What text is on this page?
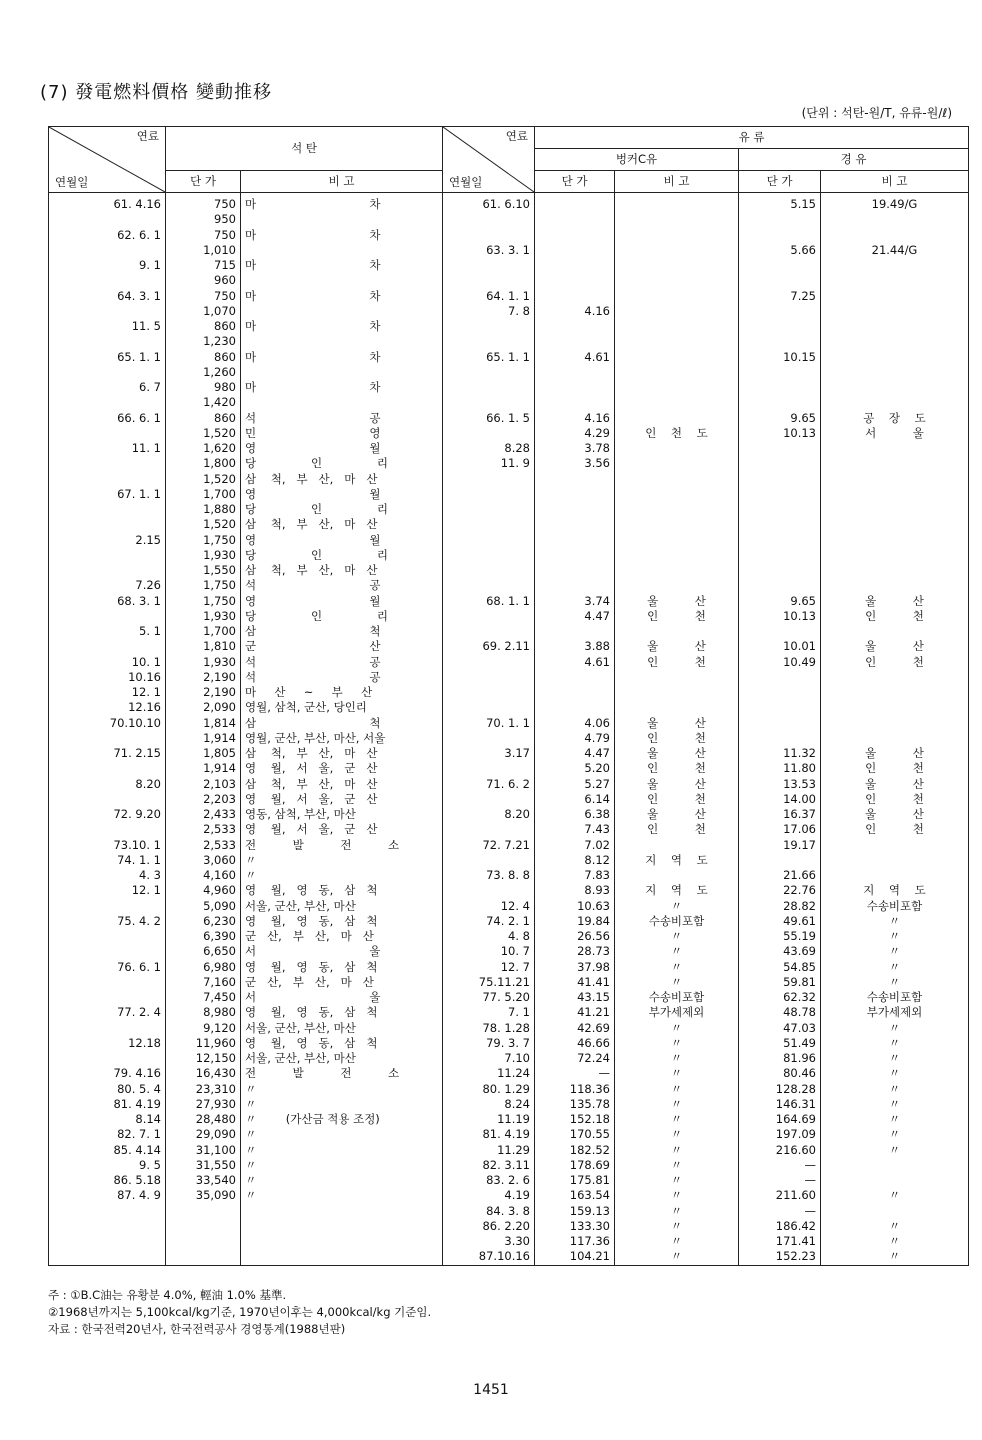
(7) 發電燃料價格 變動推移
(단위 : 석탄-원/T, 유류-원/ℓ)
연료
연월일	석 탄		연료
연월일	유 류			
				벙커C유		경 유	
	단 가	비 고		단 가	비 고	단 가	비 고
61. 4.16	750	마                               차	61. 6.10			5.15	19.49/G
	950						
62. 6. 1	750	마                               차					
	1,010		63. 3. 1			5.66	21.44/G
9. 1	715	마                               차					
	960						
64. 3. 1	750	마                               차	64. 1. 1			7.25	
	1,070		7. 8	4.16			
11. 5	860	마                               차					
	1,230						
65. 1. 1	860	마                               차	65. 1. 1	4.61		10.15	
	1,260						
6. 7	980	마                               차					
	1,420						
66. 6. 1	860	석                               공	66. 1. 5	4.16		9.65	공    장    도
	1,520	민                               영		4.29	인    천    도	10.13	서          울
11. 1	1,620	영                               월	8.28	3.78			
	1,800	당               인               리	11. 9	3.56			
	1,520	삼    척,   부   산,   마   산					
67. 1. 1	1,700	영                               월					
	1,880	당               인               리					
	1,520	삼    척,   부   산,   마   산					
2.15	1,750	영                               월					
	1,930	당               인               리					
	1,550	삼    척,   부   산,   마   산					
7.26	1,750	석                               공					
68. 3. 1	1,750	영                               월	68. 1. 1	3.74	울          산	9.65	울          산
	1,930	당               인               리		4.47	인          천	10.13	인          천
5. 1	1,700	삼                               척					
	1,810	군                               산	69. 2.11	3.88	울          산	10.01	울          산
10. 1	1,930	석                               공		4.61	인          천	10.49	인          천
10.16	2,190	석                               공					
12. 1	2,190	마     산     ~     부     산					
12.16	2,090	영월, 삼척, 군산, 당인리					
70.10.10	1,814	삼                               척	70. 1. 1	4.06	울          산		
	1,914	영월, 군산, 부산, 마산, 서울		4.79	인          천		
71. 2.15	1,805	삼    척,   부   산,   마   산	3.17	4.47	울          산	11.32	울          산
	1,914	영    월,   서   울,   군   산		5.20	인          천	11.80	인          천
8.20	2,103	삼    척,   부   산,   마   산	71. 6. 2	5.27	울          산	13.53	울          산
	2,203	영    월,   서   울,   군   산		6.14	인          천	14.00	인          천
72. 9.20	2,433	영동, 삼척, 부산, 마산	8.20	6.38	울          산	16.37	울          산
	2,533	영    월,   서   울,   군   산		7.43	인          천	17.06	인          천
73.10. 1	2,533	전          발          전          소	72. 7.21	7.02		19.17	
74. 1. 1	3,060	〃		8.12	지    역    도		
4. 3	4,160	〃	73. 8. 8	7.83		21.66	
12. 1	4,960	영    월,   영   동,   삼   척		8.93	지    역    도	22.76	지    역    도
	5,090	서울, 군산, 부산, 마산	12. 4	10.63	〃	28.82	수송비포함
75. 4. 2	6,230	영    월,   영   동,   삼   척	74. 2. 1	19.84	수송비포함	49.61	〃
	6,390	군   산,   부   산,   마   산	4. 8	26.56	〃	55.19	〃
	6,650	서                               울	10. 7	28.73	〃	43.69	〃
76. 6. 1	6,980	영    월,   영   동,   삼   척	12. 7	37.98	〃	54.85	〃
	7,160	군   산,   부   산,   마   산	75.11.21	41.41	〃	59.81	〃
	7,450	서                               울	77. 5.20	43.15	수송비포함	62.32	수송비포함
77. 2. 4	8,980	영    월,   영   동,   삼   척	7. 1	41.21	부가세제외	48.78	부가세제외
	9,120	서울, 군산, 부산, 마산	78. 1.28	42.69	〃	47.03	〃
12.18	11,960	영    월,   영   동,   삼   척	79. 3. 7	46.66	〃	51.49	〃
	12,150	서울, 군산, 부산, 마산	7.10	72.24	〃	81.96	〃
79. 4.16	16,430	전          발          전          소	11.24	—	〃	80.46	〃
80. 5. 4	23,310	〃	80. 1.29	118.36	〃	128.28	〃
81. 4.19	27,930	〃	8.24	135.78	〃	146.31	〃
8.14	28,480	〃        (가산금 적용 조정)	11.19	152.18	〃	164.69	〃
82. 7. 1	29,090	〃	81. 4.19	170.55	〃	197.09	〃
85. 4.14	31,100	〃	11.29	182.52	〃	216.60	〃
9. 5	31,550	〃	82. 3.11	178.69	〃	—	
86. 5.18	33,540	〃	83. 2. 6	175.81	〃	—	
87. 4. 9	35,090	〃	4.19	163.54	〃	211.60	〃
			84. 3. 8	159.13	〃	—	
			86. 2.20	133.30	〃	186.42	〃
			3.30	117.36	〃	171.41	〃
			87.10.16	104.21	〃	152.23	〃
주 : ①B.C油는 유황분 4.0%, 輕油 1.0% 基準.
②1968년까지는 5,100kcal/kg기준, 1970년이후는 4,000kcal/kg 기준임.
자료 : 한국전력20년사, 한국전력공사 경영통계(1988년판)
1451
